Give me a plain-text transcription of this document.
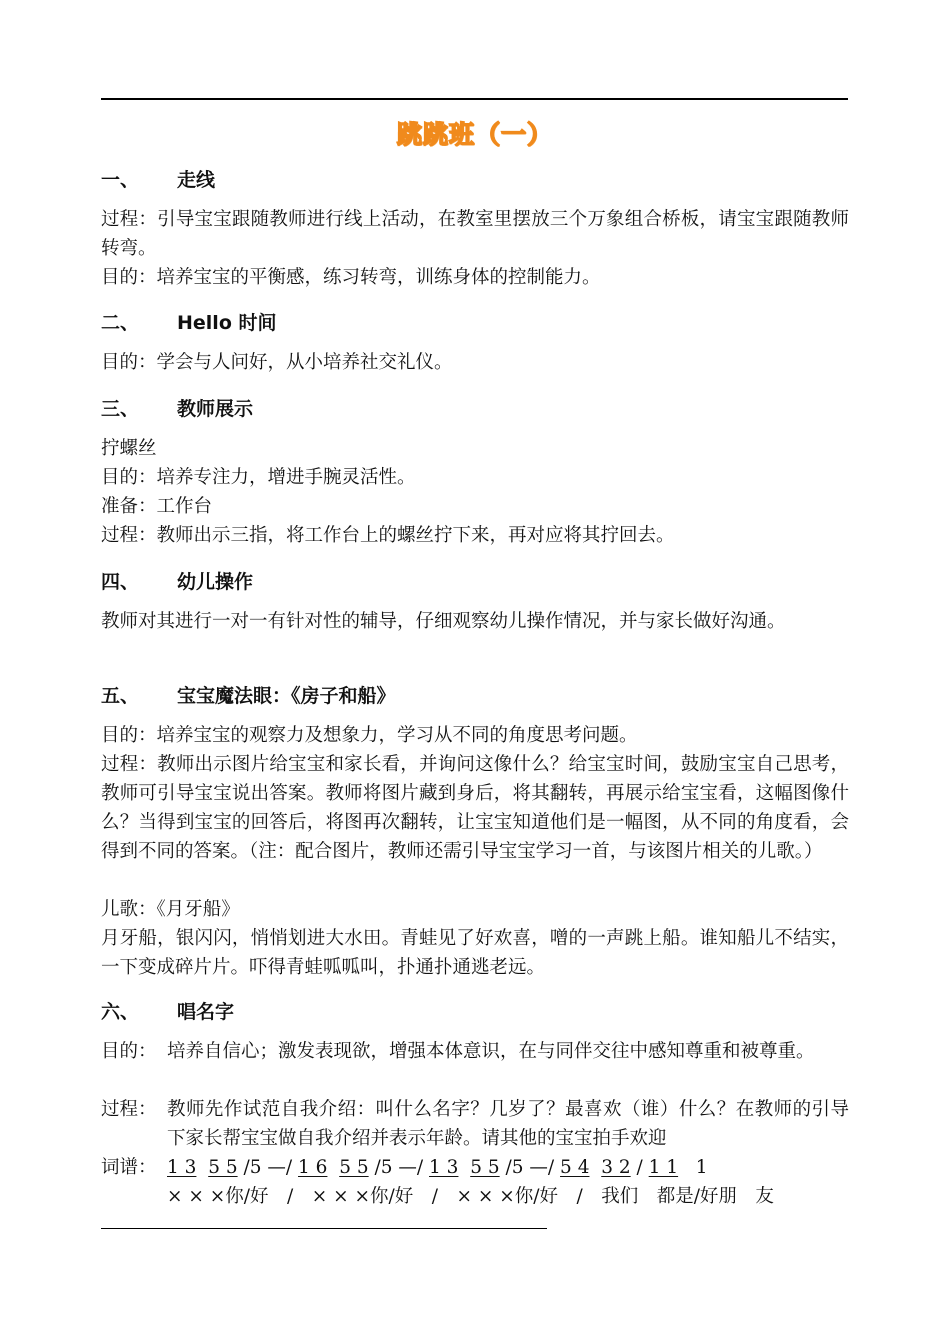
跳跳班（一）
一、 走线
过程：引导宝宝跟随教师进行线上活动，在教室里摆放三个万象组合桥板，请宝宝跟随教师转弯。
目的：培养宝宝的平衡感，练习转弯，训练身体的控制能力。
二、 Hello 时间
目的：学会与人问好，从小培养社交礼仪。
三、 教师展示
拧螺丝
目的：培养专注力，增进手腕灵活性。
准备：工作台
过程：教师出示三指，将工作台上的螺丝拧下来，再对应将其拧回去。
四、 幼儿操作
教师对其进行一对一有针对性的辅导，仔细观察幼儿操作情况，并与家长做好沟通。
五、 宝宝魔法眼：《房子和船》
目的：培养宝宝的观察力及想象力，学习从不同的角度思考问题。
过程：教师出示图片给宝宝和家长看，并询问这像什么？给宝宝时间，鼓励宝宝自己思考，教师可引导宝宝说出答案。教师将图片藏到身后，将其翻转，再展示给宝宝看，这幅图像什么？当得到宝宝的回答后，将图再次翻转，让宝宝知道他们是一幅图，从不同的角度看，会得到不同的答案。（注：配合图片，教师还需引导宝宝学习一首，与该图片相关的儿歌。）
儿歌：《月牙船》
月牙船，银闪闪，悄悄划进大水田。青蛙见了好欢喜，噌的一声跳上船。谁知船儿不结实，一下变成碎片片。吓得青蛙呱呱叫，扑通扑通逃老远。
六、 唱名字
目的： 培养自信心；激发表现欲，增强本体意识，在与同伴交往中感知尊重和被尊重。
过程： 教师先作试范自我介绍：叫什么名字？几岁了？最喜欢（谁）什么？在教师的引导下家长帮宝宝做自我介绍并表示年龄。请其他的宝宝拍手欢迎
词谱： 1 3 5 5 /5 —/ 1 6 5 5 /5 —/ 1 3 5 5 /5 —/ 5 4 3 2 / 1 1 1
× × ×你/好　/　× × ×你/好　/　× × ×你/好　/　我们　都是/好朋　友
